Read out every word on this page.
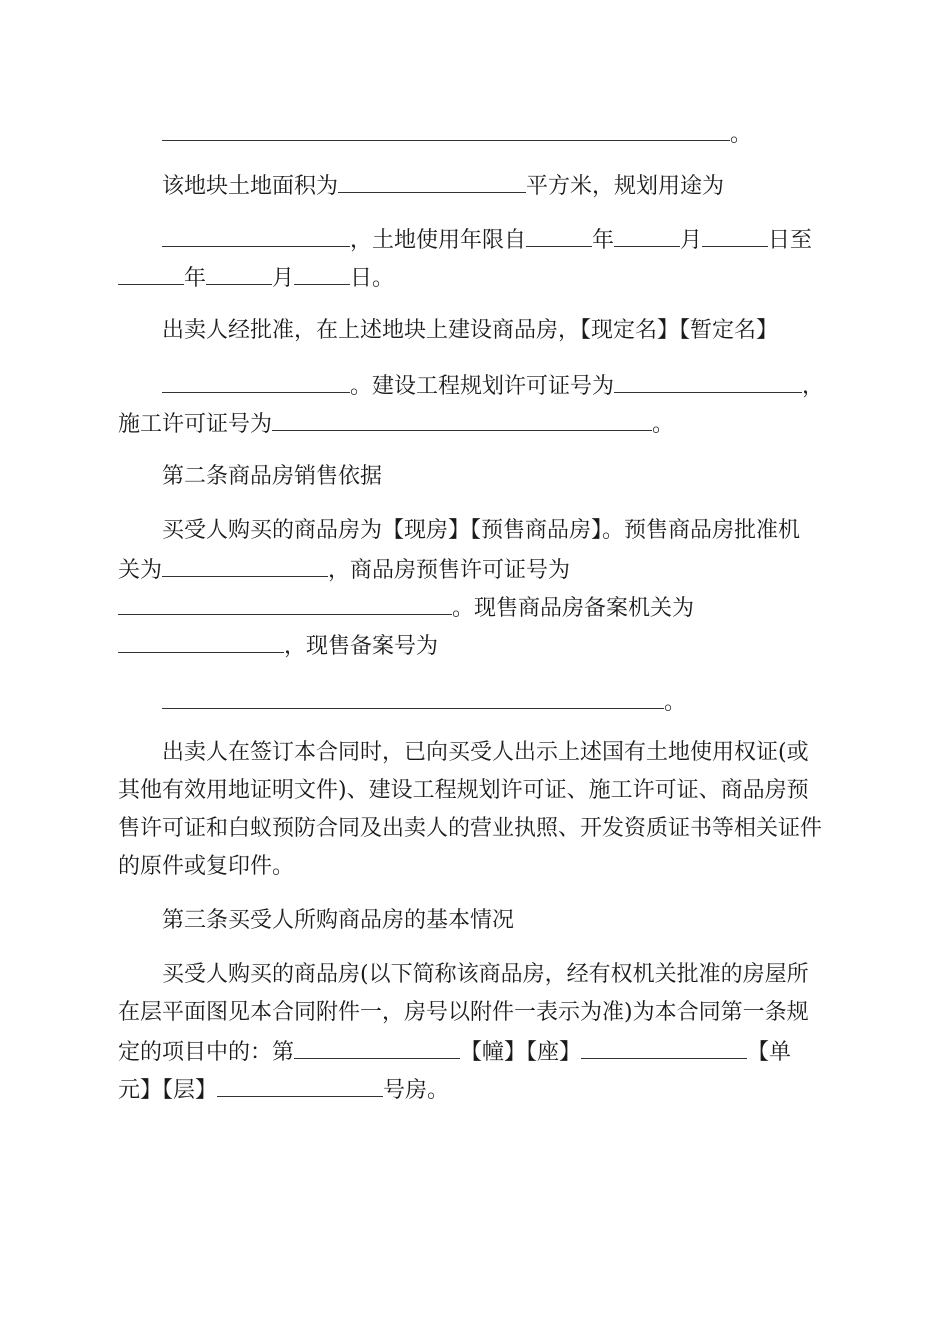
。
该地块土地面积为	平方米，规划用途为
，土地使用年限自	年	月	日至
年	月	日。
出卖人经批准，在上述地块上建设商品房，【现定名】【暂定名】
。建设工程规划许可证号为	，
施工许可证号为	。
第二条商品房销售依据
买受人购买的商品房为【现房】【预售商品房】。预售商品房批准机
关为	，商品房预售许可证号为
。现售商品房备案机关为
，现售备案号为
。
出卖人在签订本合同时，已向买受人出示上述国有土地使用权证(或
其他有效用地证明文件)、建设工程规划许可证、施工许可证、商品房预
售许可证和白蚁预防合同及出卖人的营业执照、开发资质证书等相关证件
的原件或复印件。
第三条买受人所购商品房的基本情况
买受人购买的商品房(以下简称该商品房，经有权机关批准的房屋所
在层平面图见本合同附件一，房号以附件一表示为准)为本合同第一条规
定的项目中的：第	【幢】【座】	【单
元】【层】	号房。
